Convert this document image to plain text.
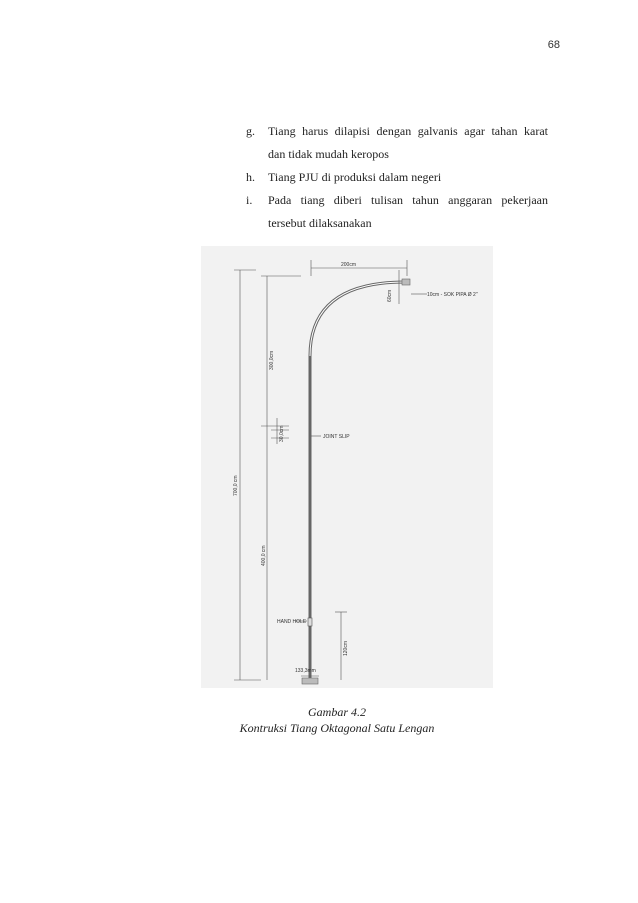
68
g.	Tiang harus dilapisi dengan galvanis agar tahan karat
dan tidak mudah keropos
h.	Tiang PJU di produksi dalam negeri
i.	Pada tiang diberi tulisan tahun anggaran pekerjaan
tersebut dilaksanakan
200cm
60cm	10cm - SOK PIPA Ø 2"
300,0cm
30,0cm
700,0 cm
400,0 cm
JOINT SLIP
HAND HOLE
120cm
133,3mm
Gambar 4.2
Kontruksi Tiang Oktagonal Satu Lengan
